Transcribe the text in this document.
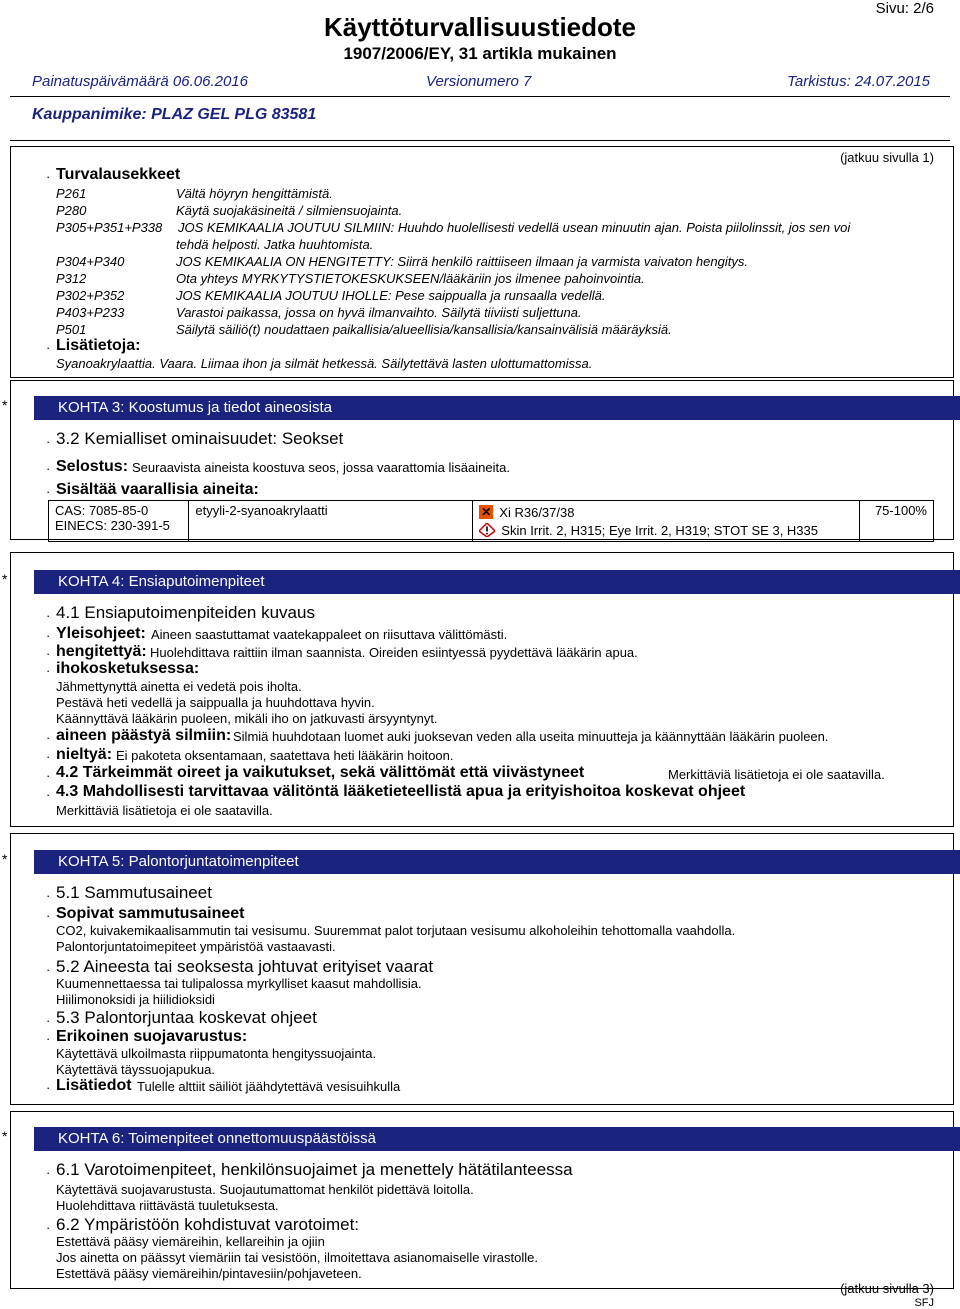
Sivu: 2/6
Käyttöturvallisuustiedote
1907/2006/EY, 31 artikla mukainen
Painatuspäivämäärä 06.06.2016	Versionumero 7	Tarkistus: 24.07.2015
Kauppanimike: PLAZ GEL PLG 83581
(jatkuu sivulla 1)
· Turvalausekkeet
P261	Vältä höyryn hengittämistä.
P280	Käytä suojakäsineitä / silmiensuojainta.
P305+P351+P338 JOS KEMIKAALIA JOUTUU SILMIIN: Huuhdo huolellisesti vedellä usean minuutin ajan. Poista piilolinssit, jos sen voi
tehdä helposti. Jatka huuhtomista.
P304+P340	JOS KEMIKAALIA ON HENGITETTY: Siirrä henkilö raittiiseen ilmaan ja varmista vaivaton hengitys.
P312	Ota yhteys MYRKYTYSTIETOKESKUKSEEN/lääkäriin jos ilmenee pahoinvointia.
P302+P352	JOS KEMIKAALIA JOUTUU IHOLLE: Pese saippualla ja runsaalla vedellä.
P403+P233	Varastoi paikassa, jossa on hyvä ilmanvaihto. Säilytä tiiviisti suljettuna.
P501	Säilytä säiliö(t) noudattaen paikallisia/alueellisia/kansallisia/kansainvälisiä määräyksiä.
· Lisätietoja:
Syanoakrylaattia. Vaara. Liimaa ihon ja silmät hetkessä. Säilytettävä lasten ulottumattomissa.
*	KOHTA 3: Koostumus ja tiedot aineosista
· 3.2 Kemialliset ominaisuudet: Seokset
· Selostus: Seuraavista aineista koostuva seos, jossa vaarattomia lisäaineita.
· Sisältää vaarallisia aineita:
CAS: 7085-85-0
EINECS: 230-391-5
	etyyli-2-syanoakrylaatti	✕ Xi R36/37/38
Skin Irrit. 2, H315; Eye Irrit. 2, H319; STOT SE 3, H335
	75-100%
*	KOHTA 4: Ensiaputoimenpiteet
· 4.1 Ensiaputoimenpiteiden kuvaus
· Yleisohjeet: Aineen saastuttamat vaatekappaleet on riisuttava välittömästi.
· hengitettyä: Huolehdittava raittiin ilman saannista. Oireiden esiintyessä pyydettävä lääkärin apua.
· ihokosketuksessa:
Jähmettynyttä ainetta ei vedetä pois iholta.
Pestävä heti vedellä ja saippualla ja huuhdottava hyvin.
Käännyttävä lääkärin puoleen, mikäli iho on jatkuvasti ärsyyntynyt.
· aineen päästyä silmiin: Silmiä huuhdotaan luomet auki juoksevan veden alla useita minuutteja ja käännyttään lääkärin puoleen.
· nieltyä: Ei pakoteta oksentamaan, saatettava heti lääkärin hoitoon.
· 4.2 Tärkeimmät oireet ja vaikutukset, sekä välittömät että viivästyneet	Merkittäviä lisätietoja ei ole saatavilla.
· 4.3 Mahdollisesti tarvittavaa välitöntä lääketieteellistä apua ja erityishoitoa koskevat ohjeet
Merkittäviä lisätietoja ei ole saatavilla.
*	KOHTA 5: Palontorjuntatoimenpiteet
· 5.1 Sammutusaineet
· Sopivat sammutusaineet
CO2, kuivakemikaalisammutin tai vesisumu. Suuremmat palot torjutaan vesisumu alkoholeihin tehottomalla vaahdolla.
Palontorjuntatoimepiteet ympäristöä vastaavasti.
· 5.2 Aineesta tai seoksesta johtuvat erityiset vaarat
Kuumennettaessa tai tulipalossa myrkylliset kaasut mahdollisia.
Hiilimonoksidi ja hiilidioksidi
· 5.3 Palontorjuntaa koskevat ohjeet
· Erikoinen suojavarustus:
Käytettävä ulkoilmasta riippumatonta hengityssuojainta.
Käytettävä täyssuojapukua.
· Lisätiedot Tulelle alttiit säiliöt jäähdytettävä vesisuihkulla
*	KOHTA 6: Toimenpiteet onnettomuuspäästöissä
· 6.1 Varotoimenpiteet, henkilönsuojaimet ja menettely hätätilanteessa
Käytettävä suojavarustusta. Suojautumattomat henkilöt pidettävä loitolla.
Huolehdittava riittävästä tuuletuksesta.
· 6.2 Ympäristöön kohdistuvat varotoimet:
Estettävä pääsy viemäreihin, kellareihin ja ojiin
Jos ainetta on päässyt viemäriin tai vesistöön, ilmoitettava asianomaiselle virastolle.
Estettävä pääsy viemäreihin/pintavesiin/pohjaveteen.
(jatkuu sivulla 3)
SFJ
